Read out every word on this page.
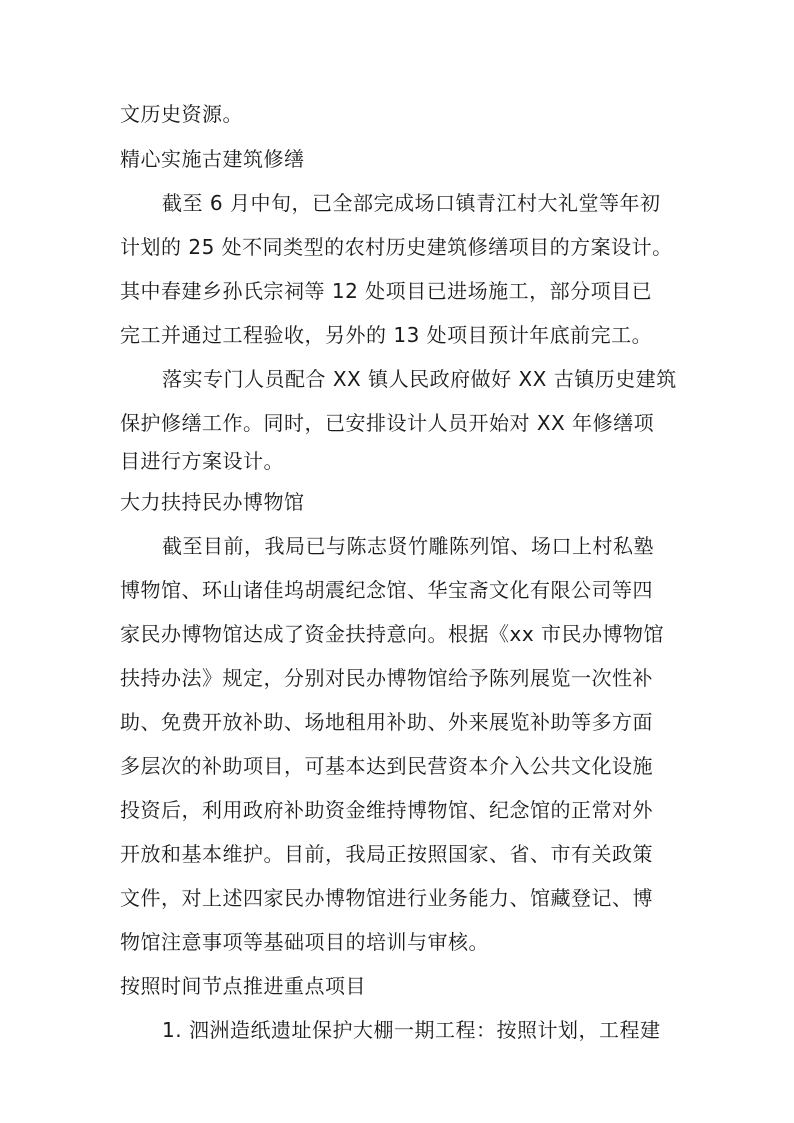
文历史资源。
精心实施古建筑修缮
截至 6 月中旬，已全部完成场口镇青江村大礼堂等年初
计划的 25 处不同类型的农村历史建筑修缮项目的方案设计。
其中春建乡孙氏宗祠等 12 处项目已进场施工，部分项目已
完工并通过工程验收，另外的 13 处项目预计年底前完工。
落实专门人员配合 XX 镇人民政府做好 XX 古镇历史建筑
保护修缮工作。同时，已安排设计人员开始对 XX 年修缮项
目进行方案设计。
大力扶持民办博物馆
截至目前，我局已与陈志贤竹雕陈列馆、场口上村私塾
博物馆、环山诸佳坞胡震纪念馆、华宝斋文化有限公司等四
家民办博物馆达成了资金扶持意向。根据《xx 市民办博物馆
扶持办法》规定，分别对民办博物馆给予陈列展览一次性补
助、免费开放补助、场地租用补助、外来展览补助等多方面
多层次的补助项目，可基本达到民营资本介入公共文化设施
投资后，利用政府补助资金维持博物馆、纪念馆的正常对外
开放和基本维护。目前，我局正按照国家、省、市有关政策
文件，对上述四家民办博物馆进行业务能力、馆藏登记、博
物馆注意事项等基础项目的培训与审核。
按照时间节点推进重点项目
1. 泗洲造纸遗址保护大棚一期工程：按照计划，工程建
